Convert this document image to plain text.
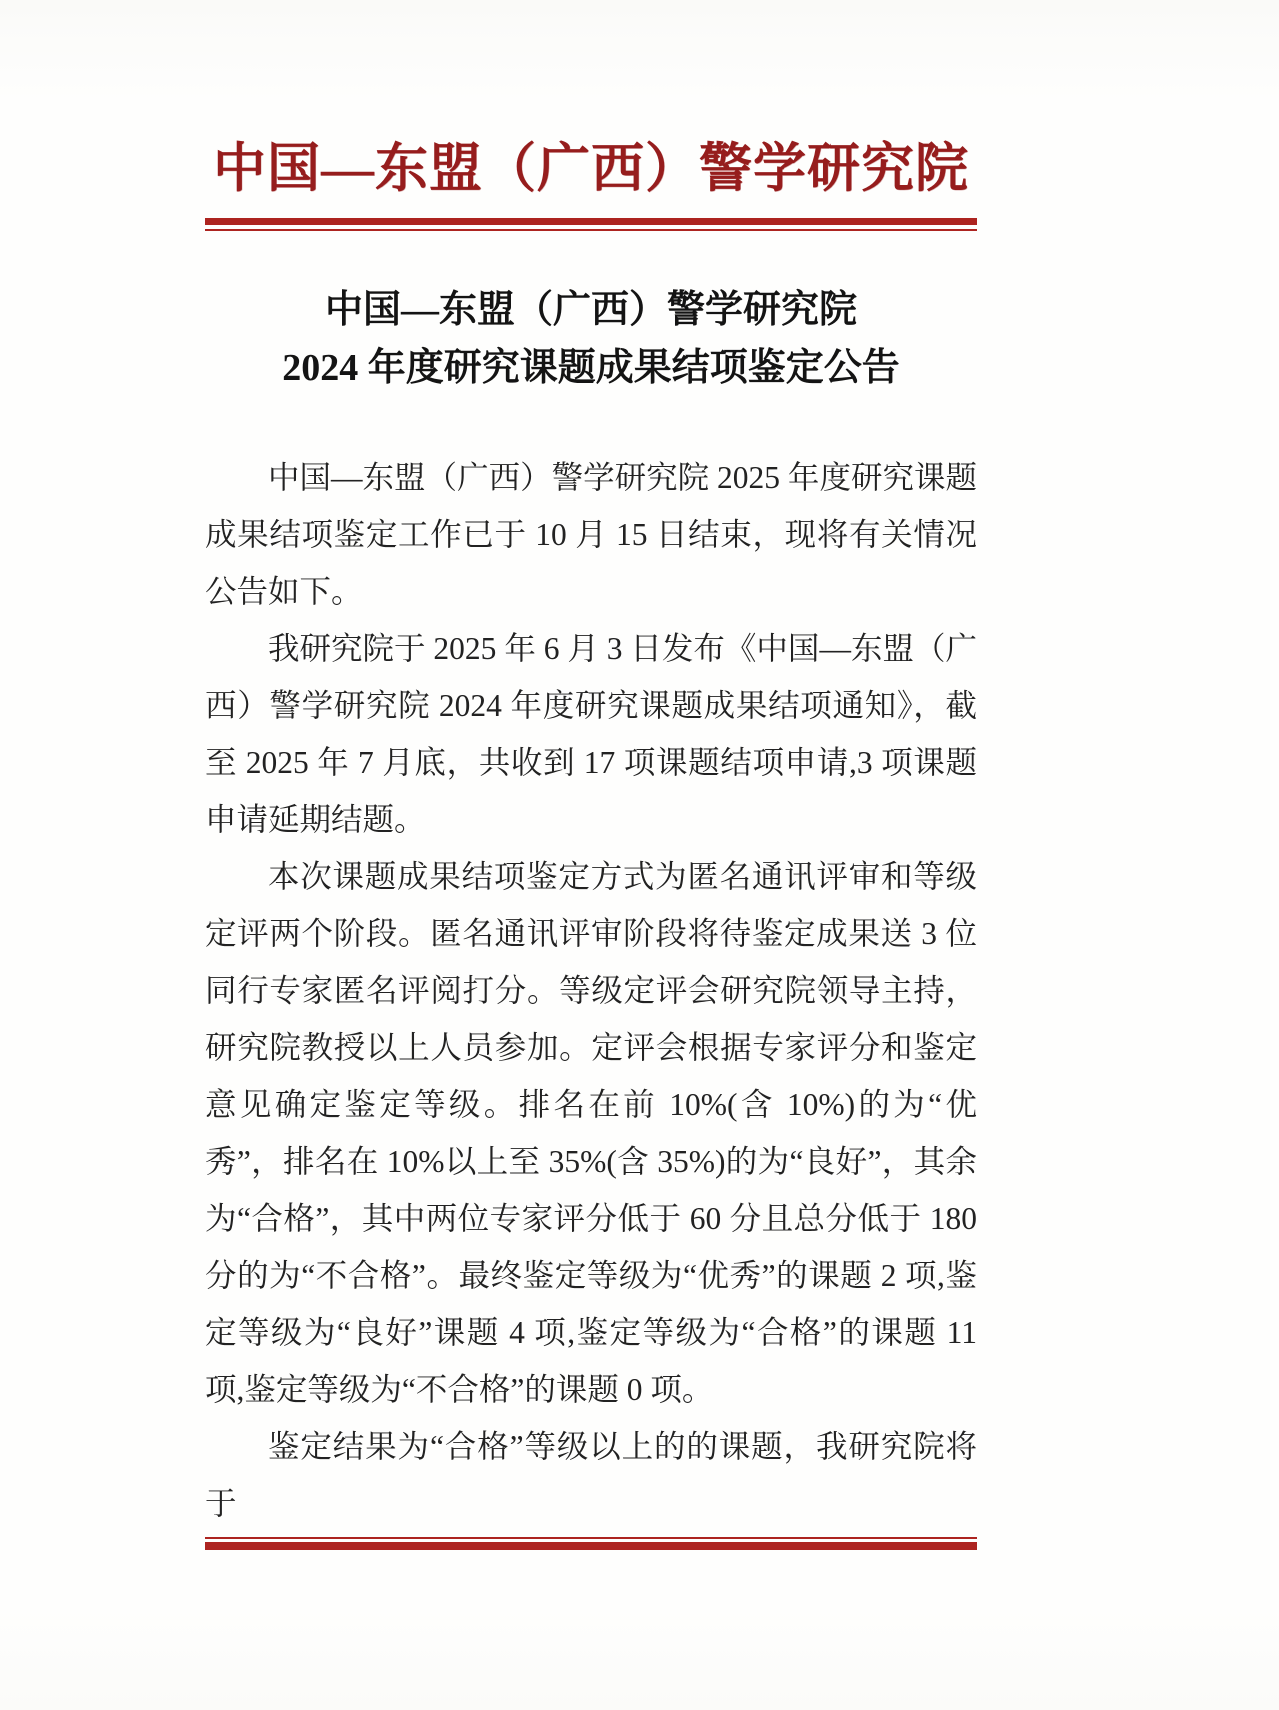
中国—东盟（广西）警学研究院
中国—东盟（广西）警学研究院
2024 年度研究课题成果结项鉴定公告

中国—东盟（广西）警学研究院 2025 年度研究课题成果结项鉴定工作已于 10 月 15 日结束，现将有关情况公告如下。

我研究院于 2025 年 6 月 3 日发布《中国—东盟（广西）警学研究院 2024 年度研究课题成果结项通知》，截至 2025 年 7 月底，共收到 17 项课题结项申请,3 项课题申请延期结题。

本次课题成果结项鉴定方式为匿名通讯评审和等级定评两个阶段。匿名通讯评审阶段将待鉴定成果送 3 位同行专家匿名评阅打分。等级定评会研究院领导主持，研究院教授以上人员参加。定评会根据专家评分和鉴定意见确定鉴定等级。排名在前 10%(含 10%)的为“优秀”，排名在 10%以上至 35%(含 35%)的为“良好”，其余为“合格”，其中两位专家评分低于 60 分且总分低于 180 分的为“不合格”。最终鉴定等级为“优秀”的课题 2 项,鉴定等级为“良好”课题 4 项,鉴定等级为“合格”的课题 11 项,鉴定等级为“不合格”的课题 0 项。

鉴定结果为“合格”等级以上的的课题，我研究院将于
